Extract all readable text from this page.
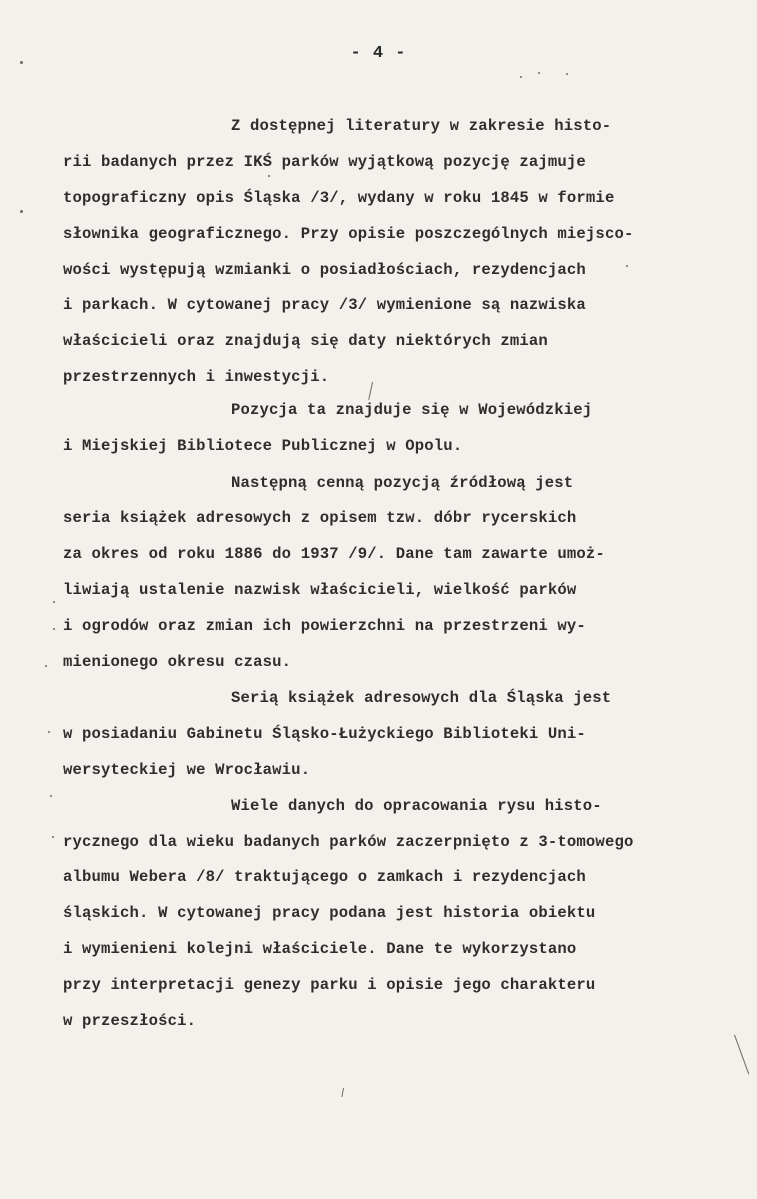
- 4 -
Z dostępnej literatury w zakresie histo-
rii badanych przez IKŚ parków wyjątkową pozycję zajmuje
topograficzny opis Śląska /3/, wydany w roku 1845 w formie
słownika geograficznego. Przy opisie poszczególnych miejsco-
wości występują wzmianki o posiadłościach, rezydencjach
i parkach. W cytowanej pracy /3/ wymienione są nazwiska
właścicieli oraz znajdują się daty niektórych zmian
przestrzennych i inwestycji.
Pozycja ta znajduje się w Wojewódzkiej
i Miejskiej Bibliotece Publicznej w Opolu.
Następną cenną pozycją źródłową jest
seria książek adresowych z opisem tzw. dóbr rycerskich
za okres od roku 1886 do 1937 /9/. Dane tam zawarte umoż-
liwiają ustalenie nazwisk właścicieli, wielkość parków
i ogrodów oraz zmian ich powierzchni na przestrzeni wy-
mienionego okresu czasu.
Serią książek adresowych dla Śląska jest
w posiadaniu Gabinetu Śląsko-Łużyckiego Biblioteki Uni-
wersyteckiej we Wrocławiu.
Wiele danych do opracowania rysu histo-
rycznego dla wieku badanych parków zaczerpnięto z 3-tomowego
albumu Webera /8/ traktującego o zamkach i rezydencjach
śląskich. W cytowanej pracy podana jest historia obiektu
i wymienieni kolejni właściciele. Dane te wykorzystano
przy interpretacji genezy parku i opisie jego charakteru
w przeszłości.
